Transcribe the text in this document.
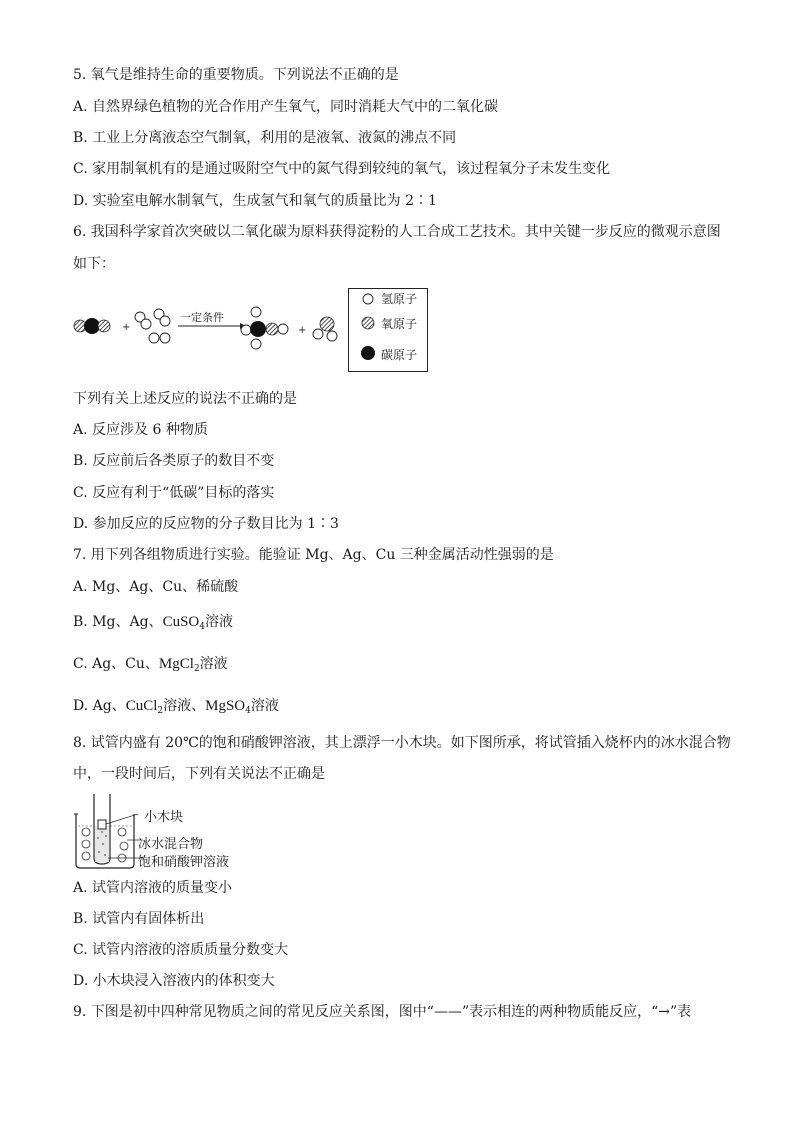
5. 氧气是维持生命的重要物质。下列说法不正确的是
A. 自然界绿色植物的光合作用产生氧气，同时消耗大气中的二氧化碳
B. 工业上分离液态空气制氧，利用的是液氧、液氮的沸点不同
C. 家用制氧机有的是通过吸附空气中的氮气得到较纯的氧气，该过程氧分子未发生变化
D. 实验室电解水制氧气，生成氢气和氧气的质量比为 2∶1
6. 我国科学家首次突破以二氧化碳为原料获得淀粉的人工合成工艺技术。其中关键一步反应的微观示意图
如下：
+
一定条件
+
氢原子
氧原子
碳原子
下列有关上述反应的说法不正确的是
A. 反应涉及 6 种物质
B. 反应前后各类原子的数目不变
C. 反应有利于“低碳”目标的落实
D. 参加反应的反应物的分子数目比为 1∶3
7. 用下列各组物质进行实验。能验证 Mg、Ag、Cu 三种金属活动性强弱的是
A. Mg、Ag、Cu、稀硫酸
B. Mg、Ag、CuSO$_4$溶液
C. Ag、Cu、MgCl$_2$溶液
D. Ag、CuCl$_2$溶液、MgSO$_4$溶液
8. 试管内盛有 20℃的饱和硝酸钾溶液，其上漂浮一小木块。如下图所承，将试管插入烧杯内的冰水混合物
中，一段时间后，下列有关说法不正确是
小木块
冰水混合物
饱和硝酸钾溶液
A. 试管内溶液的质量变小
B. 试管内有固体析出
C. 试管内溶液的溶质质量分数变大
D. 小木块浸入溶液内的体积变大
9. 下图是初中四种常见物质之间的常见反应关系图，图中“——”表示相连的两种物质能反应，“→”表
